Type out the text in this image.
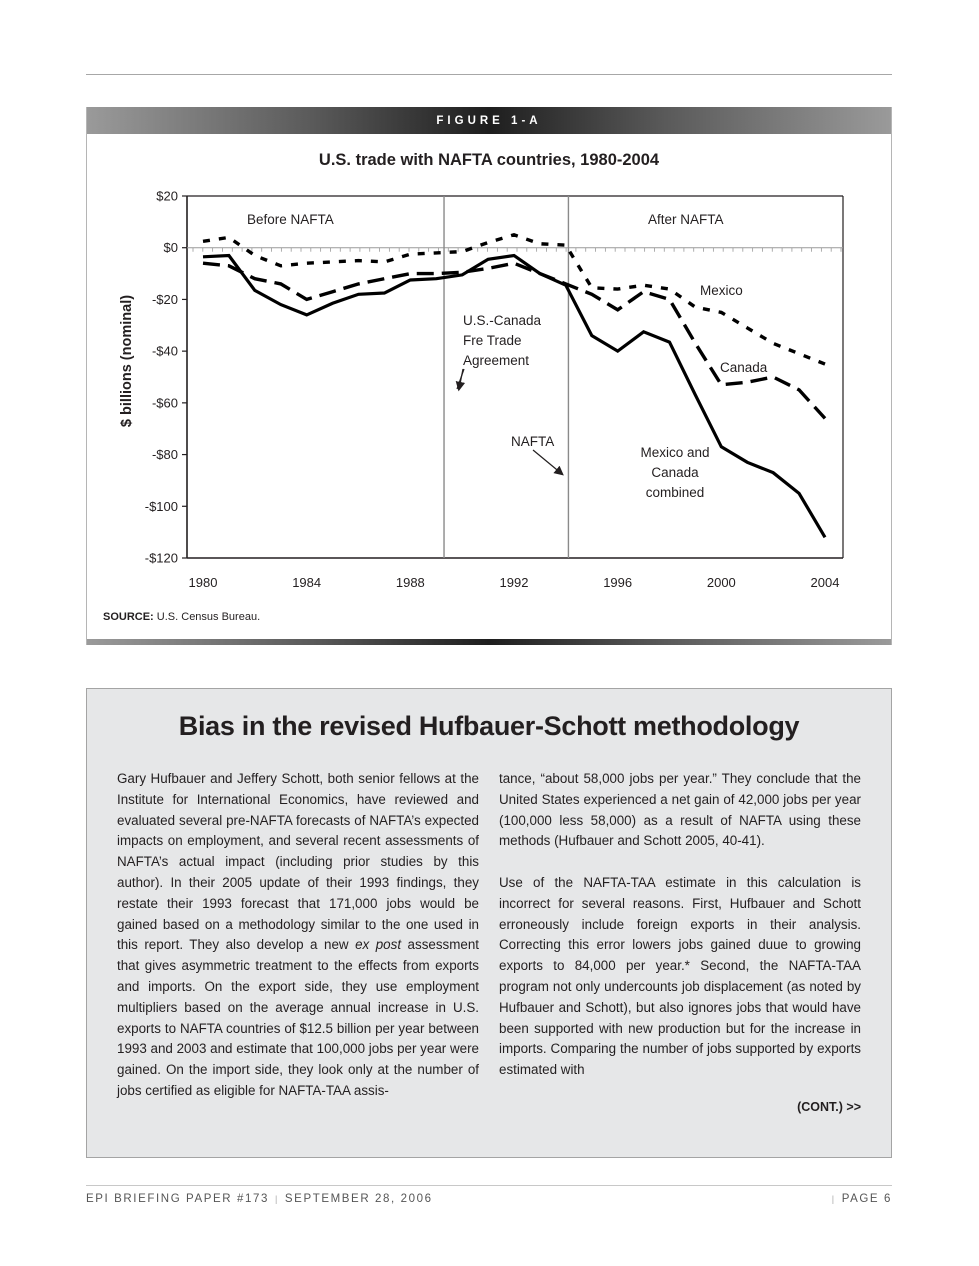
FIGURE 1-A
U.S. trade with NAFTA countries, 1980-2004
$20
$0
-$20
-$40
-$60
-$80
-$100
-$120
1980	1984	1988	1992	1996	2000	2004
$ billions (nominal)
Before NAFTA	After NAFTA
Mexico
Canada
U.S.-Canada
Fre Trade
Agreement
NAFTA
Mexico and
Canada
combined
SOURCE: U.S. Census Bureau.
Bias in the revised Hufbauer-Schott methodology

Gary Hufbauer and Jeffery Schott, both senior fellows at the Institute for International Economics, have reviewed and evaluated several pre-NAFTA forecasts of NAFTA’s expected impacts on employment, and several recent assessments of NAFTA’s actual impact (including prior studies by this author). In their 2005 update of their 1993 findings, they restate their 1993 forecast that 171,000 jobs would be gained based on a methodology similar to the one used in this report. They also develop a new ex post assessment that gives asymmetric treatment to the effects from exports and imports. On the export side, they use employment multipliers based on the average annual increase in U.S. exports to NAFTA countries of $12.5 billion per year between 1993 and 2003 and estimate that 100,000 jobs per year were gained. On the import side, they look only at the number of jobs certified as eligible for NAFTA-TAA assis-

tance, “about 58,000 jobs per year.” They conclude that the United States experienced a net gain of 42,000 jobs per year (100,000 less 58,000) as a result of NAFTA using these methods (Hufbauer and Schott 2005, 40-41).

Use of the NAFTA-TAA estimate in this calculation is incorrect for several reasons. First, Hufbauer and Schott erroneously include foreign exports in their analysis. Correcting this error lowers jobs gained duue to growing exports to 84,000 per year.* Second, the NAFTA-TAA program not only undercounts job displacement (as noted by Hufbauer and Schott), but also ignores jobs that would have been supported with new production but for the increase in imports. Comparing the number of jobs supported by exports estimated with

(CONT.) >>
EPI BRIEFING PAPER #173 | SEPTEMBER 28, 2006	| PAGE 6
